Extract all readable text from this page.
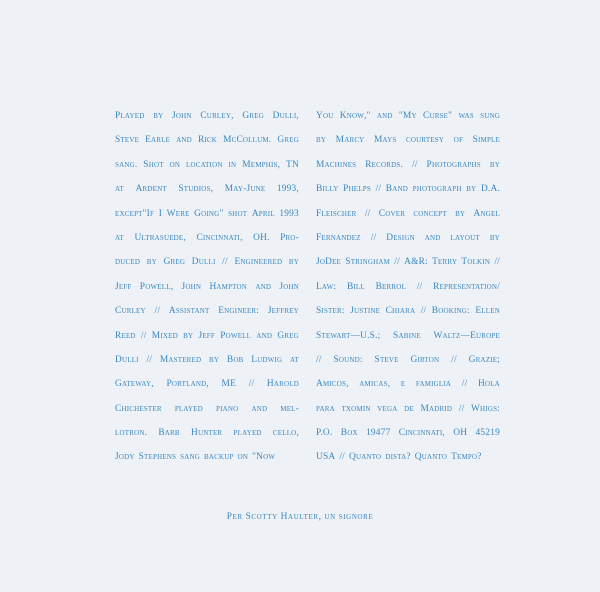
Played by John Curley, Greg Dulli,
Steve Earle and Rick McCollum. Greg
sang. Shot on location in Memphis, TN
at Ardent Studios, May-June 1993,
except"If I Were Going" shot April 1993
at Ultrasuede, Cincinnati, OH. Pro-
duced by Greg Dulli // Engineered by
Jeff Powell, John Hampton and John
Curley // Assistant Engineer: Jeffrey
Reed // Mixed by Jeff Powell and Greg
Dulli // Mastered by Bob Ludwig at
Gateway, Portland, ME // Harold
Chichester played piano and mel-
lotron. Barb Hunter played cello,
Jody Stephens sang backup on "Now
You Know," and "My Curse" was sung
by Marcy Mays courtesy of Simple
Machines Records. // Photographs by
Billy Phelps // Band photograph by D.A.
Fleischer // Cover concept by Angel
Fernandez // Design and layout by
JoDee Stringham // A&R: Terry Tolkin //
Law: Bill Berrol // Representation/
Sister: Justine Chiara // Booking: Ellen
Stewart—U.S.; Sabine Waltz—Europe
// Sound: Steve Girton // Grazie;
Amicos, amicas, e famiglia // Hola
para txomin vega de Madrid // Whigs:
P.O. Box 19477 Cincinnati, OH 45219
USA // Quanto dista? Quanto Tempo?
Per Scotty Haulter, un signore
